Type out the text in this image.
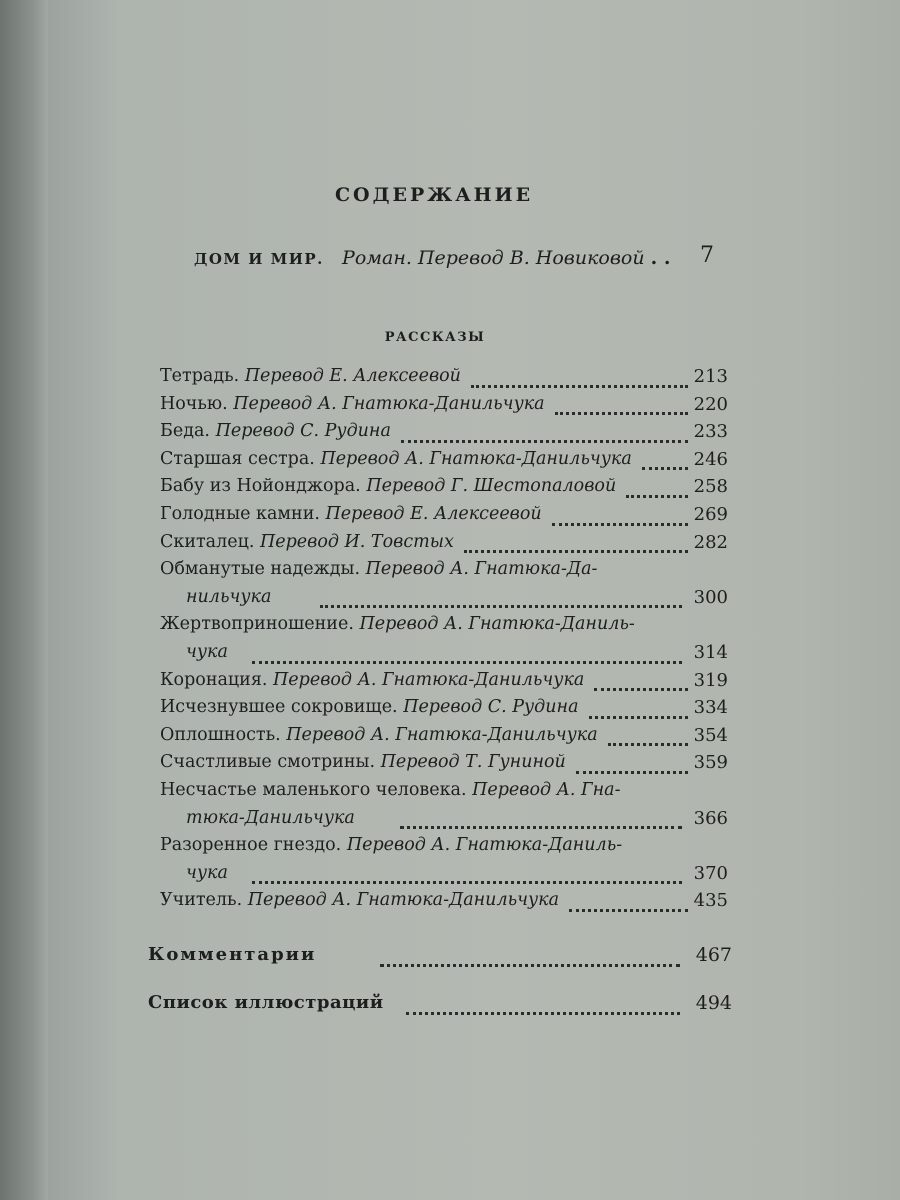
СОДЕРЖАНИЕ
ДОМ И МИР. Роман. Перевод В. Новиковой . . 7
РАССКАЗЫ
Тетрадь. Перевод Е. Алексеевой	213
Ночью. Перевод А. Гнатюка-Данильчука	220
Беда. Перевод С. Рудина	233
Старшая сестра. Перевод А. Гнатюка-Данильчука	246
Бабу из Нойонджора. Перевод Г. Шестопаловой	258
Голодные камни. Перевод Е. Алексеевой	269
Скиталец. Перевод И. Товстых	282
Обманутые надежды. Перевод А. Гнатюка-Да-
нильчука	300
Жертвоприношение. Перевод А. Гнатюка-Даниль-
чука	314
Коронация. Перевод А. Гнатюка-Данильчука	319
Исчезнувшее сокровище. Перевод С. Рудина	334
Оплошность. Перевод А. Гнатюка-Данильчука	354
Счастливые смотрины. Перевод Т. Гуниной	359
Несчастье маленького человека. Перевод А. Гна-
тюка-Данильчука	366
Разоренное гнездо. Перевод А. Гнатюка-Даниль-
чука	370
Учитель. Перевод А. Гнатюка-Данильчука	435
Комментарии	467
Список иллюстраций	494
